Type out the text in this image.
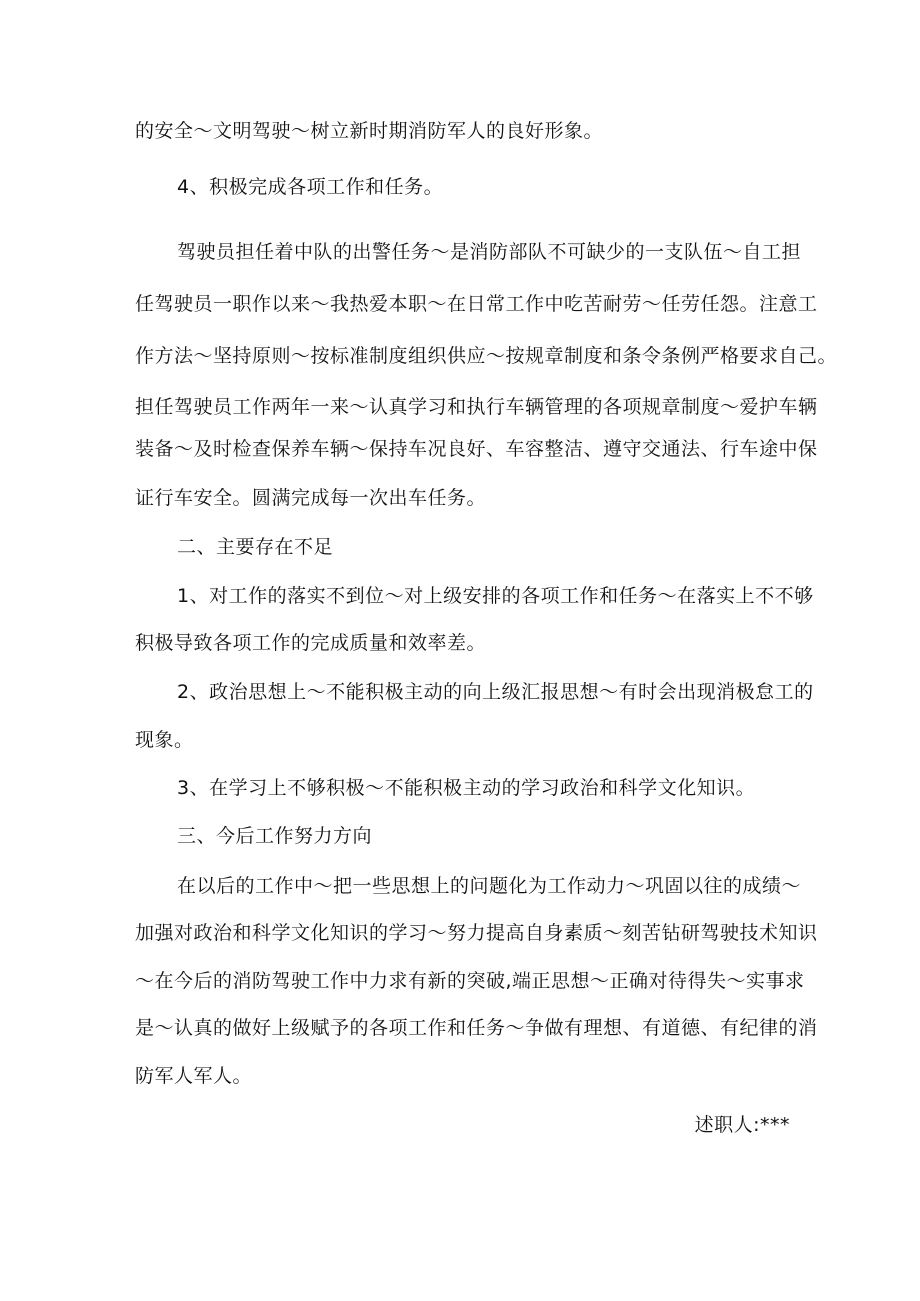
的安全～文明驾驶～树立新时期消防军人的良好形象。
4、积极完成各项工作和任务。
驾驶员担任着中队的出警任务～是消防部队不可缺少的一支队伍～自工担
任驾驶员一职作以来～我热爱本职～在日常工作中吃苦耐劳～任劳任怨。注意工
作方法～坚持原则～按标准制度组织供应～按规章制度和条令条例严格要求自己。
担任驾驶员工作两年一来～认真学习和执行车辆管理的各项规章制度～爱护车辆
装备～及时检查保养车辆～保持车况良好、车容整洁、遵守交通法、行车途中保
证行车安全。圆满完成每一次出车任务。
二、主要存在不足
1、对工作的落实不到位～对上级安排的各项工作和任务～在落实上不不够
积极导致各项工作的完成质量和效率差。
2、政治思想上～不能积极主动的向上级汇报思想～有时会出现消极怠工的
现象。
3、在学习上不够积极～不能积极主动的学习政治和科学文化知识。
三、今后工作努力方向
在以后的工作中～把一些思想上的问题化为工作动力～巩固以往的成绩～
加强对政治和科学文化知识的学习～努力提高自身素质～刻苦钻研驾驶技术知识
～在今后的消防驾驶工作中力求有新的突破,端正思想～正确对待得失～实事求
是～认真的做好上级赋予的各项工作和任务～争做有理想、有道德、有纪律的消
防军人军人。
述职人:***
